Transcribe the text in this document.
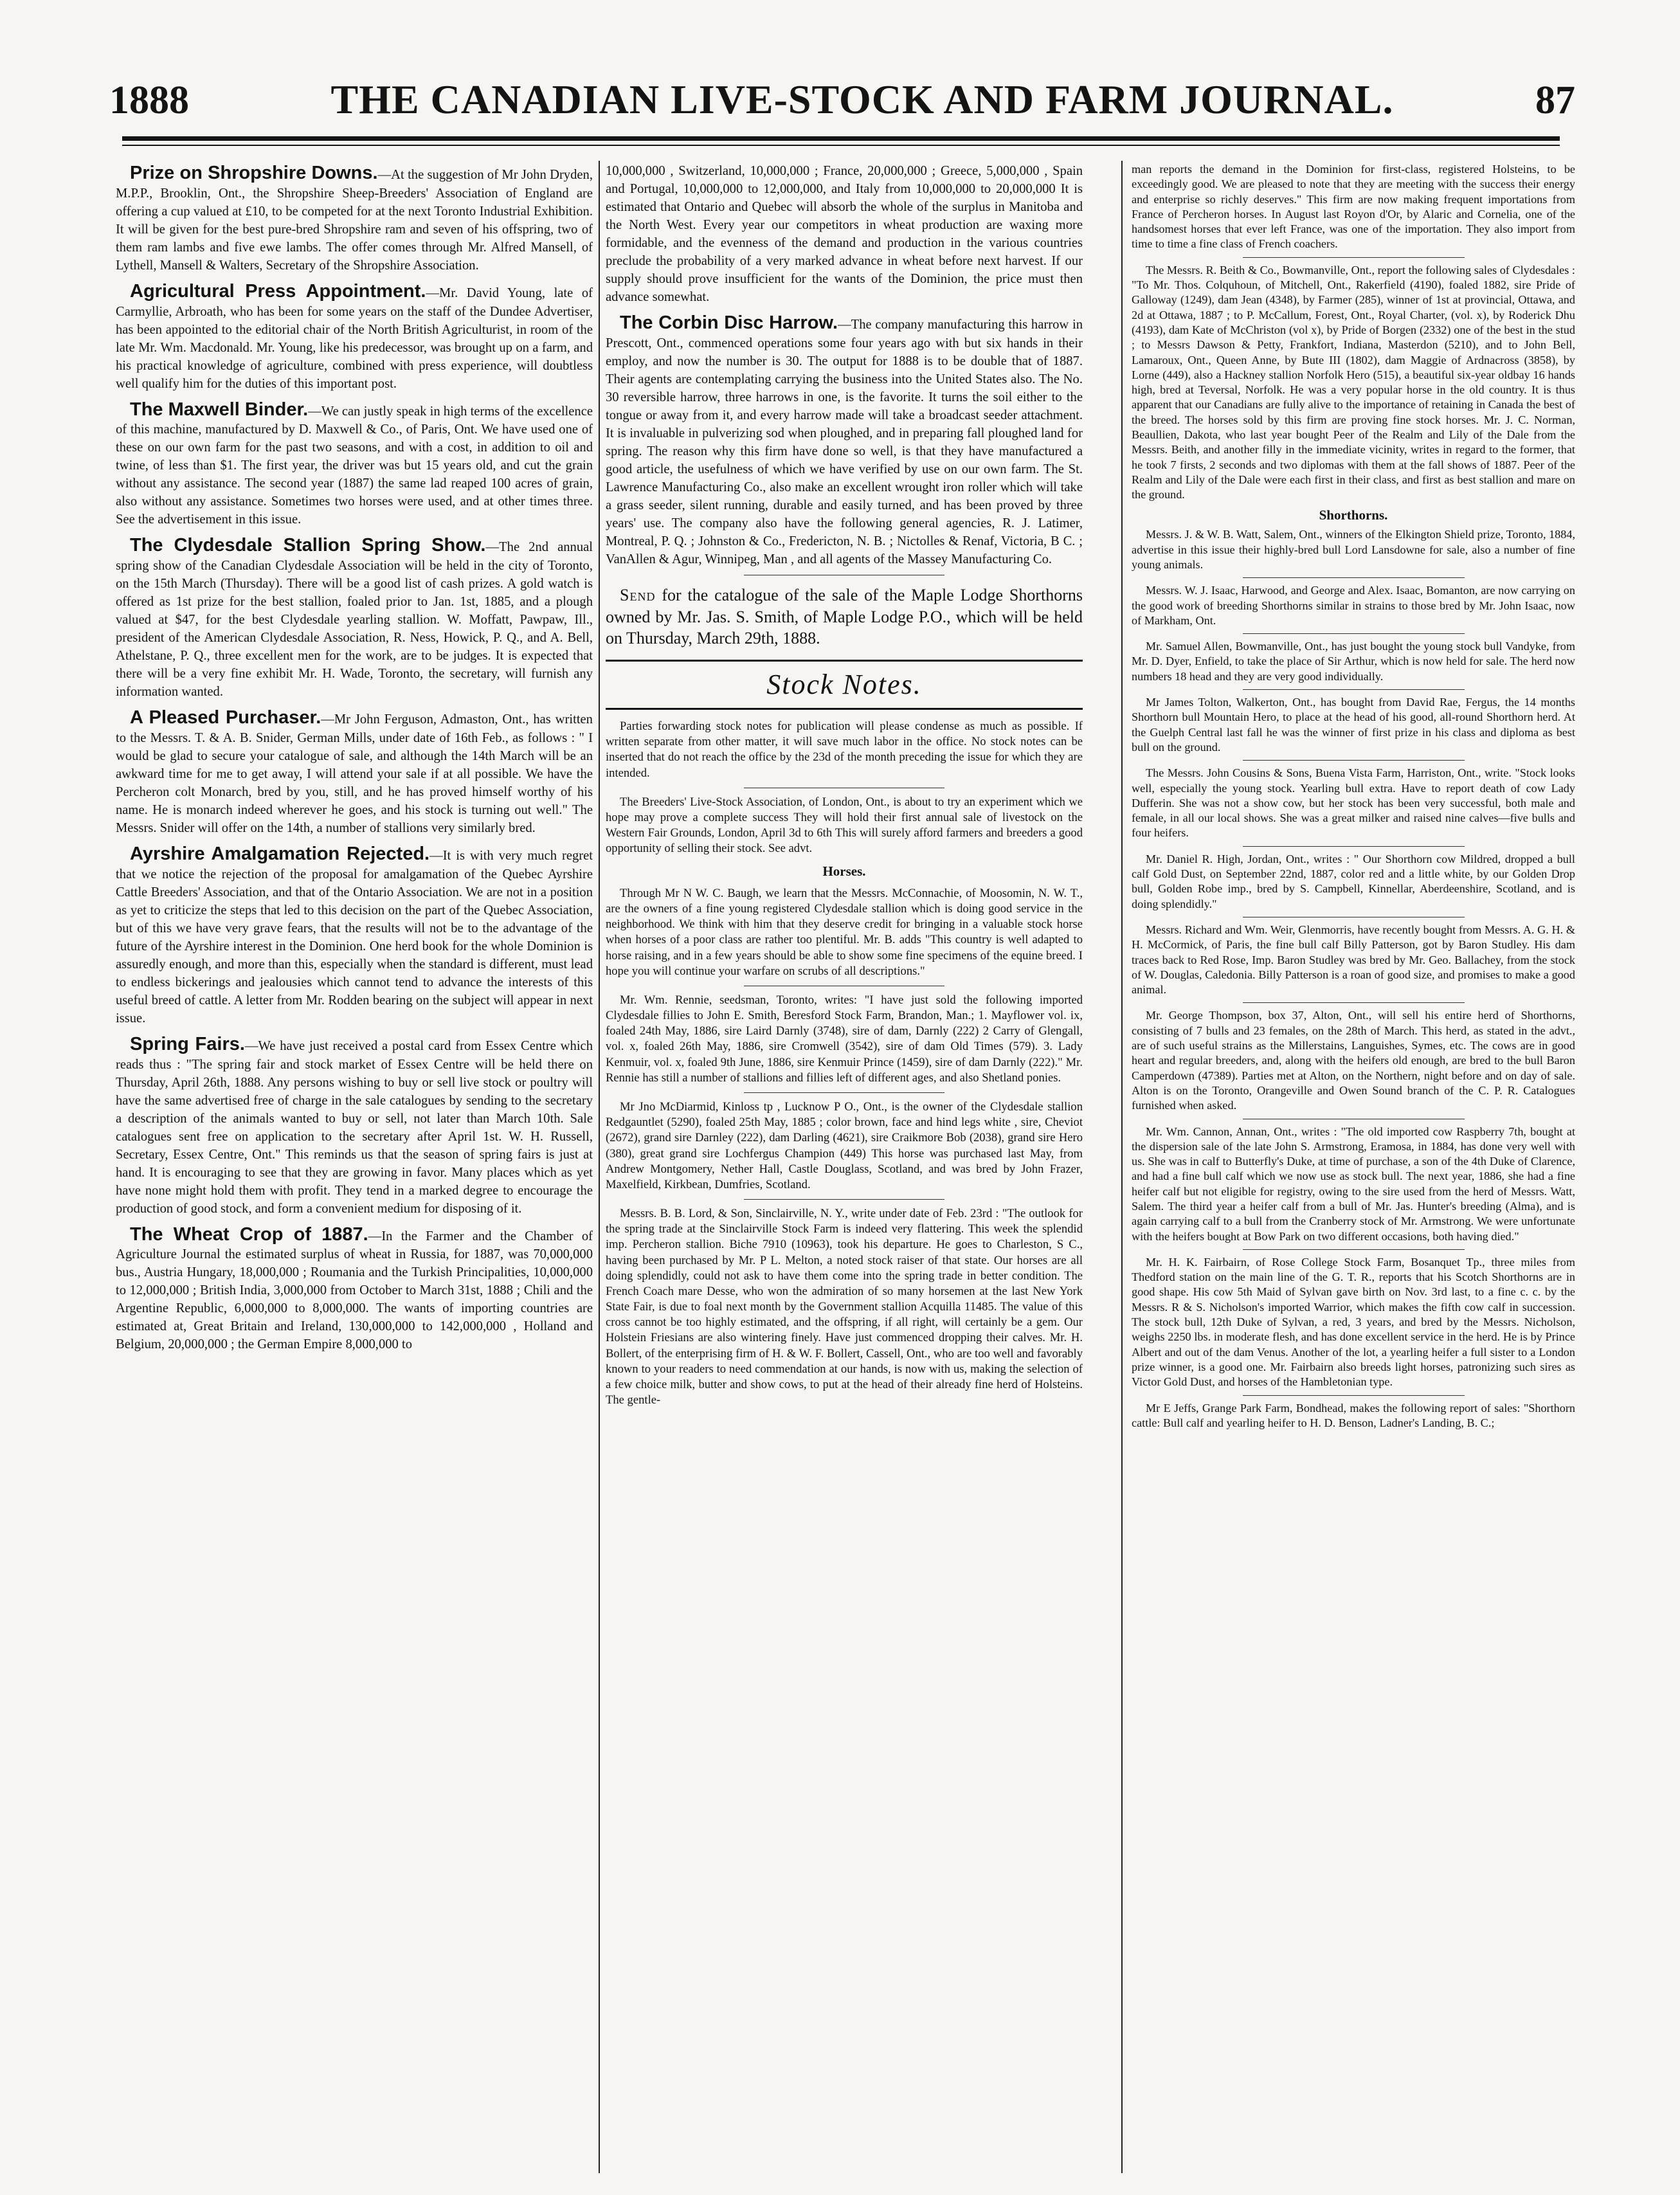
1888	THE CANADIAN LIVE-STOCK AND FARM JOURNAL.	87

Prize on Shropshire Downs.—At the suggestion of Mr John Dryden, M.P.P., Brooklin, Ont., the Shropshire Sheep-Breeders' Association of England are offering a cup valued at £10, to be competed for at the next Toronto Industrial Exhibition. It will be given for the best pure-bred Shropshire ram and seven of his offspring, two of them ram lambs and five ewe lambs. The offer comes through Mr. Alfred Mansell, of Lythell, Mansell & Walters, Secretary of the Shropshire Association.

Agricultural Press Appointment.—Mr. David Young, late of Carmyllie, Arbroath, who has been for some years on the staff of the Dundee Advertiser, has been appointed to the editorial chair of the North British Agriculturist, in room of the late Mr. Wm. Macdonald. Mr. Young, like his predecessor, was brought up on a farm, and his practical knowledge of agriculture, combined with press experience, will doubtless well qualify him for the duties of this important post.

The Maxwell Binder.—We can justly speak in high terms of the excellence of this machine, manufactured by D. Maxwell & Co., of Paris, Ont. We have used one of these on our own farm for the past two seasons, and with a cost, in addition to oil and twine, of less than $1. The first year, the driver was but 15 years old, and cut the grain without any assistance. The second year (1887) the same lad reaped 100 acres of grain, also without any assistance. Sometimes two horses were used, and at other times three. See the advertisement in this issue.

The Clydesdale Stallion Spring Show.—The 2nd annual spring show of the Canadian Clydesdale Association will be held in the city of Toronto, on the 15th March (Thursday). There will be a good list of cash prizes. A gold watch is offered as 1st prize for the best stallion, foaled prior to Jan. 1st, 1885, and a plough valued at $47, for the best Clydesdale yearling stallion. W. Moffatt, Pawpaw, Ill., president of the American Clydesdale Association, R. Ness, Howick, P. Q., and A. Bell, Athelstane, P. Q., three excellent men for the work, are to be judges. It is expected that there will be a very fine exhibit Mr. H. Wade, Toronto, the secretary, will furnish any information wanted.

A Pleased Purchaser.—Mr John Ferguson, Admaston, Ont., has written to the Messrs. T. & A. B. Snider, German Mills, under date of 16th Feb., as follows : " I would be glad to secure your catalogue of sale, and although the 14th March will be an awkward time for me to get away, I will attend your sale if at all possible. We have the Percheron colt Monarch, bred by you, still, and he has proved himself worthy of his name. He is monarch indeed wherever he goes, and his stock is turning out well." The Messrs. Snider will offer on the 14th, a number of stallions very similarly bred.

Ayrshire Amalgamation Rejected.—It is with very much regret that we notice the rejection of the proposal for amalgamation of the Quebec Ayrshire Cattle Breeders' Association, and that of the Ontario Association. We are not in a position as yet to criticize the steps that led to this decision on the part of the Quebec Association, but of this we have very grave fears, that the results will not be to the advantage of the future of the Ayrshire interest in the Dominion. One herd book for the whole Dominion is assuredly enough, and more than this, especially when the standard is different, must lead to endless bickerings and jealousies which cannot tend to advance the interests of this useful breed of cattle. A letter from Mr. Rodden bearing on the subject will appear in next issue.

Spring Fairs.—We have just received a postal card from Essex Centre which reads thus : "The spring fair and stock market of Essex Centre will be held there on Thursday, April 26th, 1888. Any persons wishing to buy or sell live stock or poultry will have the same advertised free of charge in the sale catalogues by sending to the secretary a description of the animals wanted to buy or sell, not later than March 10th. Sale catalogues sent free on application to the secretary after April 1st. W. H. Russell, Secretary, Essex Centre, Ont." This reminds us that the season of spring fairs is just at hand. It is encouraging to see that they are growing in favor. Many places which as yet have none might hold them with profit. They tend in a marked degree to encourage the production of good stock, and form a convenient medium for disposing of it.

The Wheat Crop of 1887.—In the Farmer and the Chamber of Agriculture Journal the estimated surplus of wheat in Russia, for 1887, was 70,000,000 bus., Austria Hungary, 18,000,000 ; Roumania and the Turkish Principalities, 10,000,000 to 12,000,000 ; British India, 3,000,000 from October to March 31st, 1888 ; Chili and the Argentine Republic, 6,000,000 to 8,000,000. The wants of importing countries are estimated at, Great Britain and Ireland, 130,000,000 to 142,000,000 , Holland and Belgium, 20,000,000 ; the German Empire 8,000,000 to

10,000,000 , Switzerland, 10,000,000 ; France, 20,000,000 ; Greece, 5,000,000 , Spain and Portugal, 10,000,000 to 12,000,000, and Italy from 10,000,000 to 20,000,000 It is estimated that Ontario and Quebec will absorb the whole of the surplus in Manitoba and the North West. Every year our competitors in wheat production are waxing more formidable, and the evenness of the demand and production in the various countries preclude the probability of a very marked advance in wheat before next harvest. If our supply should prove insufficient for the wants of the Dominion, the price must then advance somewhat.

The Corbin Disc Harrow.—The company manufacturing this harrow in Prescott, Ont., commenced operations some four years ago with but six hands in their employ, and now the number is 30. The output for 1888 is to be double that of 1887. Their agents are contemplating carrying the business into the United States also. The No. 30 reversible harrow, three harrows in one, is the favorite. It turns the soil either to the tongue or away from it, and every harrow made will take a broadcast seeder attachment. It is invaluable in pulverizing sod when ploughed, and in preparing fall ploughed land for spring. The reason why this firm have done so well, is that they have manufactured a good article, the usefulness of which we have verified by use on our own farm. The St. Lawrence Manufacturing Co., also make an excellent wrought iron roller which will take a grass seeder, silent running, durable and easily turned, and has been proved by three years' use. The company also have the following general agencies, R. J. Latimer, Montreal, P. Q. ; Johnston & Co., Fredericton, N. B. ; Nictolles & Renaf, Victoria, B C. ; VanAllen & Agur, Winnipeg, Man , and all agents of the Massey Manufacturing Co.

Send for the catalogue of the sale of the Maple Lodge Shorthorns owned by Mr. Jas. S. Smith, of Maple Lodge P.O., which will be held on Thursday, March 29th, 1888.

Stock Notes.

Parties forwarding stock notes for publication will please condense as much as possible. If written separate from other matter, it will save much labor in the office. No stock notes can be inserted that do not reach the office by the 23d of the month preceding the issue for which they are intended.

The Breeders' Live-Stock Association, of London, Ont., is about to try an experiment which we hope may prove a complete success They will hold their first annual sale of livestock on the Western Fair Grounds, London, April 3d to 6th This will surely afford farmers and breeders a good opportunity of selling their stock. See advt.

Horses.

Through Mr N W. C. Baugh, we learn that the Messrs. McConnachie, of Moosomin, N. W. T., are the owners of a fine young registered Clydesdale stallion which is doing good service in the neighborhood. We think with him that they deserve credit for bringing in a valuable stock horse when horses of a poor class are rather too plentiful. Mr. B. adds "This country is well adapted to horse raising, and in a few years should be able to show some fine specimens of the equine breed. I hope you will continue your warfare on scrubs of all descriptions."

Mr. Wm. Rennie, seedsman, Toronto, writes: "I have just sold the following imported Clydesdale fillies to John E. Smith, Beresford Stock Farm, Brandon, Man.; 1. Mayflower vol. ix, foaled 24th May, 1886, sire Laird Darnly (3748), sire of dam, Darnly (222) 2 Carry of Glengall, vol. x, foaled 26th May, 1886, sire Cromwell (3542), sire of dam Old Times (579). 3. Lady Kenmuir, vol. x, foaled 9th June, 1886, sire Kenmuir Prince (1459), sire of dam Darnly (222)." Mr. Rennie has still a number of stallions and fillies left of different ages, and also Shetland ponies.

Mr Jno McDiarmid, Kinloss tp , Lucknow P O., Ont., is the owner of the Clydesdale stallion Redgauntlet (5290), foaled 25th May, 1885 ; color brown, face and hind legs white , sire, Cheviot (2672), grand sire Darnley (222), dam Darling (4621), sire Craikmore Bob (2038), grand sire Hero (380), great grand sire Lochfergus Champion (449) This horse was purchased last May, from Andrew Montgomery, Nether Hall, Castle Douglass, Scotland, and was bred by John Frazer, Maxelfield, Kirkbean, Dumfries, Scotland.

Messrs. B. B. Lord, & Son, Sinclairville, N. Y., write under date of Feb. 23rd : "The outlook for the spring trade at the Sinclairville Stock Farm is indeed very flattering. This week the splendid imp. Percheron stallion. Biche 7910 (10963), took his departure. He goes to Charleston, S C., having been purchased by Mr. P L. Melton, a noted stock raiser of that state. Our horses are all doing splendidly, could not ask to have them come into the spring trade in better condition. The French Coach mare Desse, who won the admiration of so many horsemen at the last New York State Fair, is due to foal next month by the Government stallion Acquilla 11485. The value of this cross cannot be too highly estimated, and the offspring, if all right, will certainly be a gem. Our Holstein Friesians are also wintering finely. Have just commenced dropping their calves. Mr. H. Bollert, of the enterprising firm of H. & W. F. Bollert, Cassell, Ont., who are too well and favorably known to your readers to need commendation at our hands, is now with us, making the selection of a few choice milk, butter and show cows, to put at the head of their already fine herd of Holsteins. The gentle-

man reports the demand in the Dominion for first-class, registered Holsteins, to be exceedingly good. We are pleased to note that they are meeting with the success their energy and enterprise so richly deserves." This firm are now making frequent importations from France of Percheron horses. In August last Royon d'Or, by Alaric and Cornelia, one of the handsomest horses that ever left France, was one of the importation. They also import from time to time a fine class of French coachers.

The Messrs. R. Beith & Co., Bowmanville, Ont., report the following sales of Clydesdales : "To Mr. Thos. Colquhoun, of Mitchell, Ont., Rakerfield (4190), foaled 1882, sire Pride of Galloway (1249), dam Jean (4348), by Farmer (285), winner of 1st at provincial, Ottawa, and 2d at Ottawa, 1887 ; to P. McCallum, Forest, Ont., Royal Charter, (vol. x), by Roderick Dhu (4193), dam Kate of McChriston (vol x), by Pride of Borgen (2332) one of the best in the stud ; to Messrs Dawson & Petty, Frankfort, Indiana, Masterdon (5210), and to John Bell, Lamaroux, Ont., Queen Anne, by Bute III (1802), dam Maggie of Ardnacross (3858), by Lorne (449), also a Hackney stallion Norfolk Hero (515), a beautiful six-year oldbay 16 hands high, bred at Teversal, Norfolk. He was a very popular horse in the old country. It is thus apparent that our Canadians are fully alive to the importance of retaining in Canada the best of the breed. The horses sold by this firm are proving fine stock horses. Mr. J. C. Norman, Beaullien, Dakota, who last year bought Peer of the Realm and Lily of the Dale from the Messrs. Beith, and another filly in the immediate vicinity, writes in regard to the former, that he took 7 firsts, 2 seconds and two diplomas with them at the fall shows of 1887. Peer of the Realm and Lily of the Dale were each first in their class, and first as best stallion and mare on the ground.

Shorthorns.

Messrs. J. & W. B. Watt, Salem, Ont., winners of the Elkington Shield prize, Toronto, 1884, advertise in this issue their highly-bred bull Lord Lansdowne for sale, also a number of fine young animals.

Messrs. W. J. Isaac, Harwood, and George and Alex. Isaac, Bomanton, are now carrying on the good work of breeding Shorthorns similar in strains to those bred by Mr. John Isaac, now of Markham, Ont.

Mr. Samuel Allen, Bowmanville, Ont., has just bought the young stock bull Vandyke, from Mr. D. Dyer, Enfield, to take the place of Sir Arthur, which is now held for sale. The herd now numbers 18 head and they are very good individually.

Mr James Tolton, Walkerton, Ont., has bought from David Rae, Fergus, the 14 months Shorthorn bull Mountain Hero, to place at the head of his good, all-round Shorthorn herd. At the Guelph Central last fall he was the winner of first prize in his class and diploma as best bull on the ground.

The Messrs. John Cousins & Sons, Buena Vista Farm, Harriston, Ont., write. "Stock looks well, especially the young stock. Yearling bull extra. Have to report death of cow Lady Dufferin. She was not a show cow, but her stock has been very successful, both male and female, in all our local shows. She was a great milker and raised nine calves—five bulls and four heifers.

Mr. Daniel R. High, Jordan, Ont., writes : " Our Shorthorn cow Mildred, dropped a bull calf Gold Dust, on September 22nd, 1887, color red and a little white, by our Golden Drop bull, Golden Robe imp., bred by S. Campbell, Kinnellar, Aberdeenshire, Scotland, and is doing splendidly."

Messrs. Richard and Wm. Weir, Glenmorris, have recently bought from Messrs. A. G. H. & H. McCormick, of Paris, the fine bull calf Billy Patterson, got by Baron Studley. His dam traces back to Red Rose, Imp. Baron Studley was bred by Mr. Geo. Ballachey, from the stock of W. Douglas, Caledonia. Billy Patterson is a roan of good size, and promises to make a good animal.

Mr. George Thompson, box 37, Alton, Ont., will sell his entire herd of Shorthorns, consisting of 7 bulls and 23 females, on the 28th of March. This herd, as stated in the advt., are of such useful strains as the Millerstains, Languishes, Symes, etc. The cows are in good heart and regular breeders, and, along with the heifers old enough, are bred to the bull Baron Camperdown (47389). Parties met at Alton, on the Northern, night before and on day of sale. Alton is on the Toronto, Orangeville and Owen Sound branch of the C. P. R. Catalogues furnished when asked.

Mr. Wm. Cannon, Annan, Ont., writes : "The old imported cow Raspberry 7th, bought at the dispersion sale of the late John S. Armstrong, Eramosa, in 1884, has done very well with us. She was in calf to Butterfly's Duke, at time of purchase, a son of the 4th Duke of Clarence, and had a fine bull calf which we now use as stock bull. The next year, 1886, she had a fine heifer calf but not eligible for registry, owing to the sire used from the herd of Messrs. Watt, Salem. The third year a heifer calf from a bull of Mr. Jas. Hunter's breeding (Alma), and is again carrying calf to a bull from the Cranberry stock of Mr. Armstrong. We were unfortunate with the heifers bought at Bow Park on two different occasions, both having died."

Mr. H. K. Fairbairn, of Rose College Stock Farm, Bosanquet Tp., three miles from Thedford station on the main line of the G. T. R., reports that his Scotch Shorthorns are in good shape. His cow 5th Maid of Sylvan gave birth on Nov. 3rd last, to a fine c. c. by the Messrs. R & S. Nicholson's imported Warrior, which makes the fifth cow calf in succession. The stock bull, 12th Duke of Sylvan, a red, 3 years, and bred by the Messrs. Nicholson, weighs 2250 lbs. in moderate flesh, and has done excellent service in the herd. He is by Prince Albert and out of the dam Venus. Another of the lot, a yearling heifer a full sister to a London prize winner, is a good one. Mr. Fairbairn also breeds light horses, patronizing such sires as Victor Gold Dust, and horses of the Hambletonian type.

Mr E Jeffs, Grange Park Farm, Bondhead, makes the following report of sales: "Shorthorn cattle: Bull calf and yearling heifer to H. D. Benson, Ladner's Landing, B. C.;
